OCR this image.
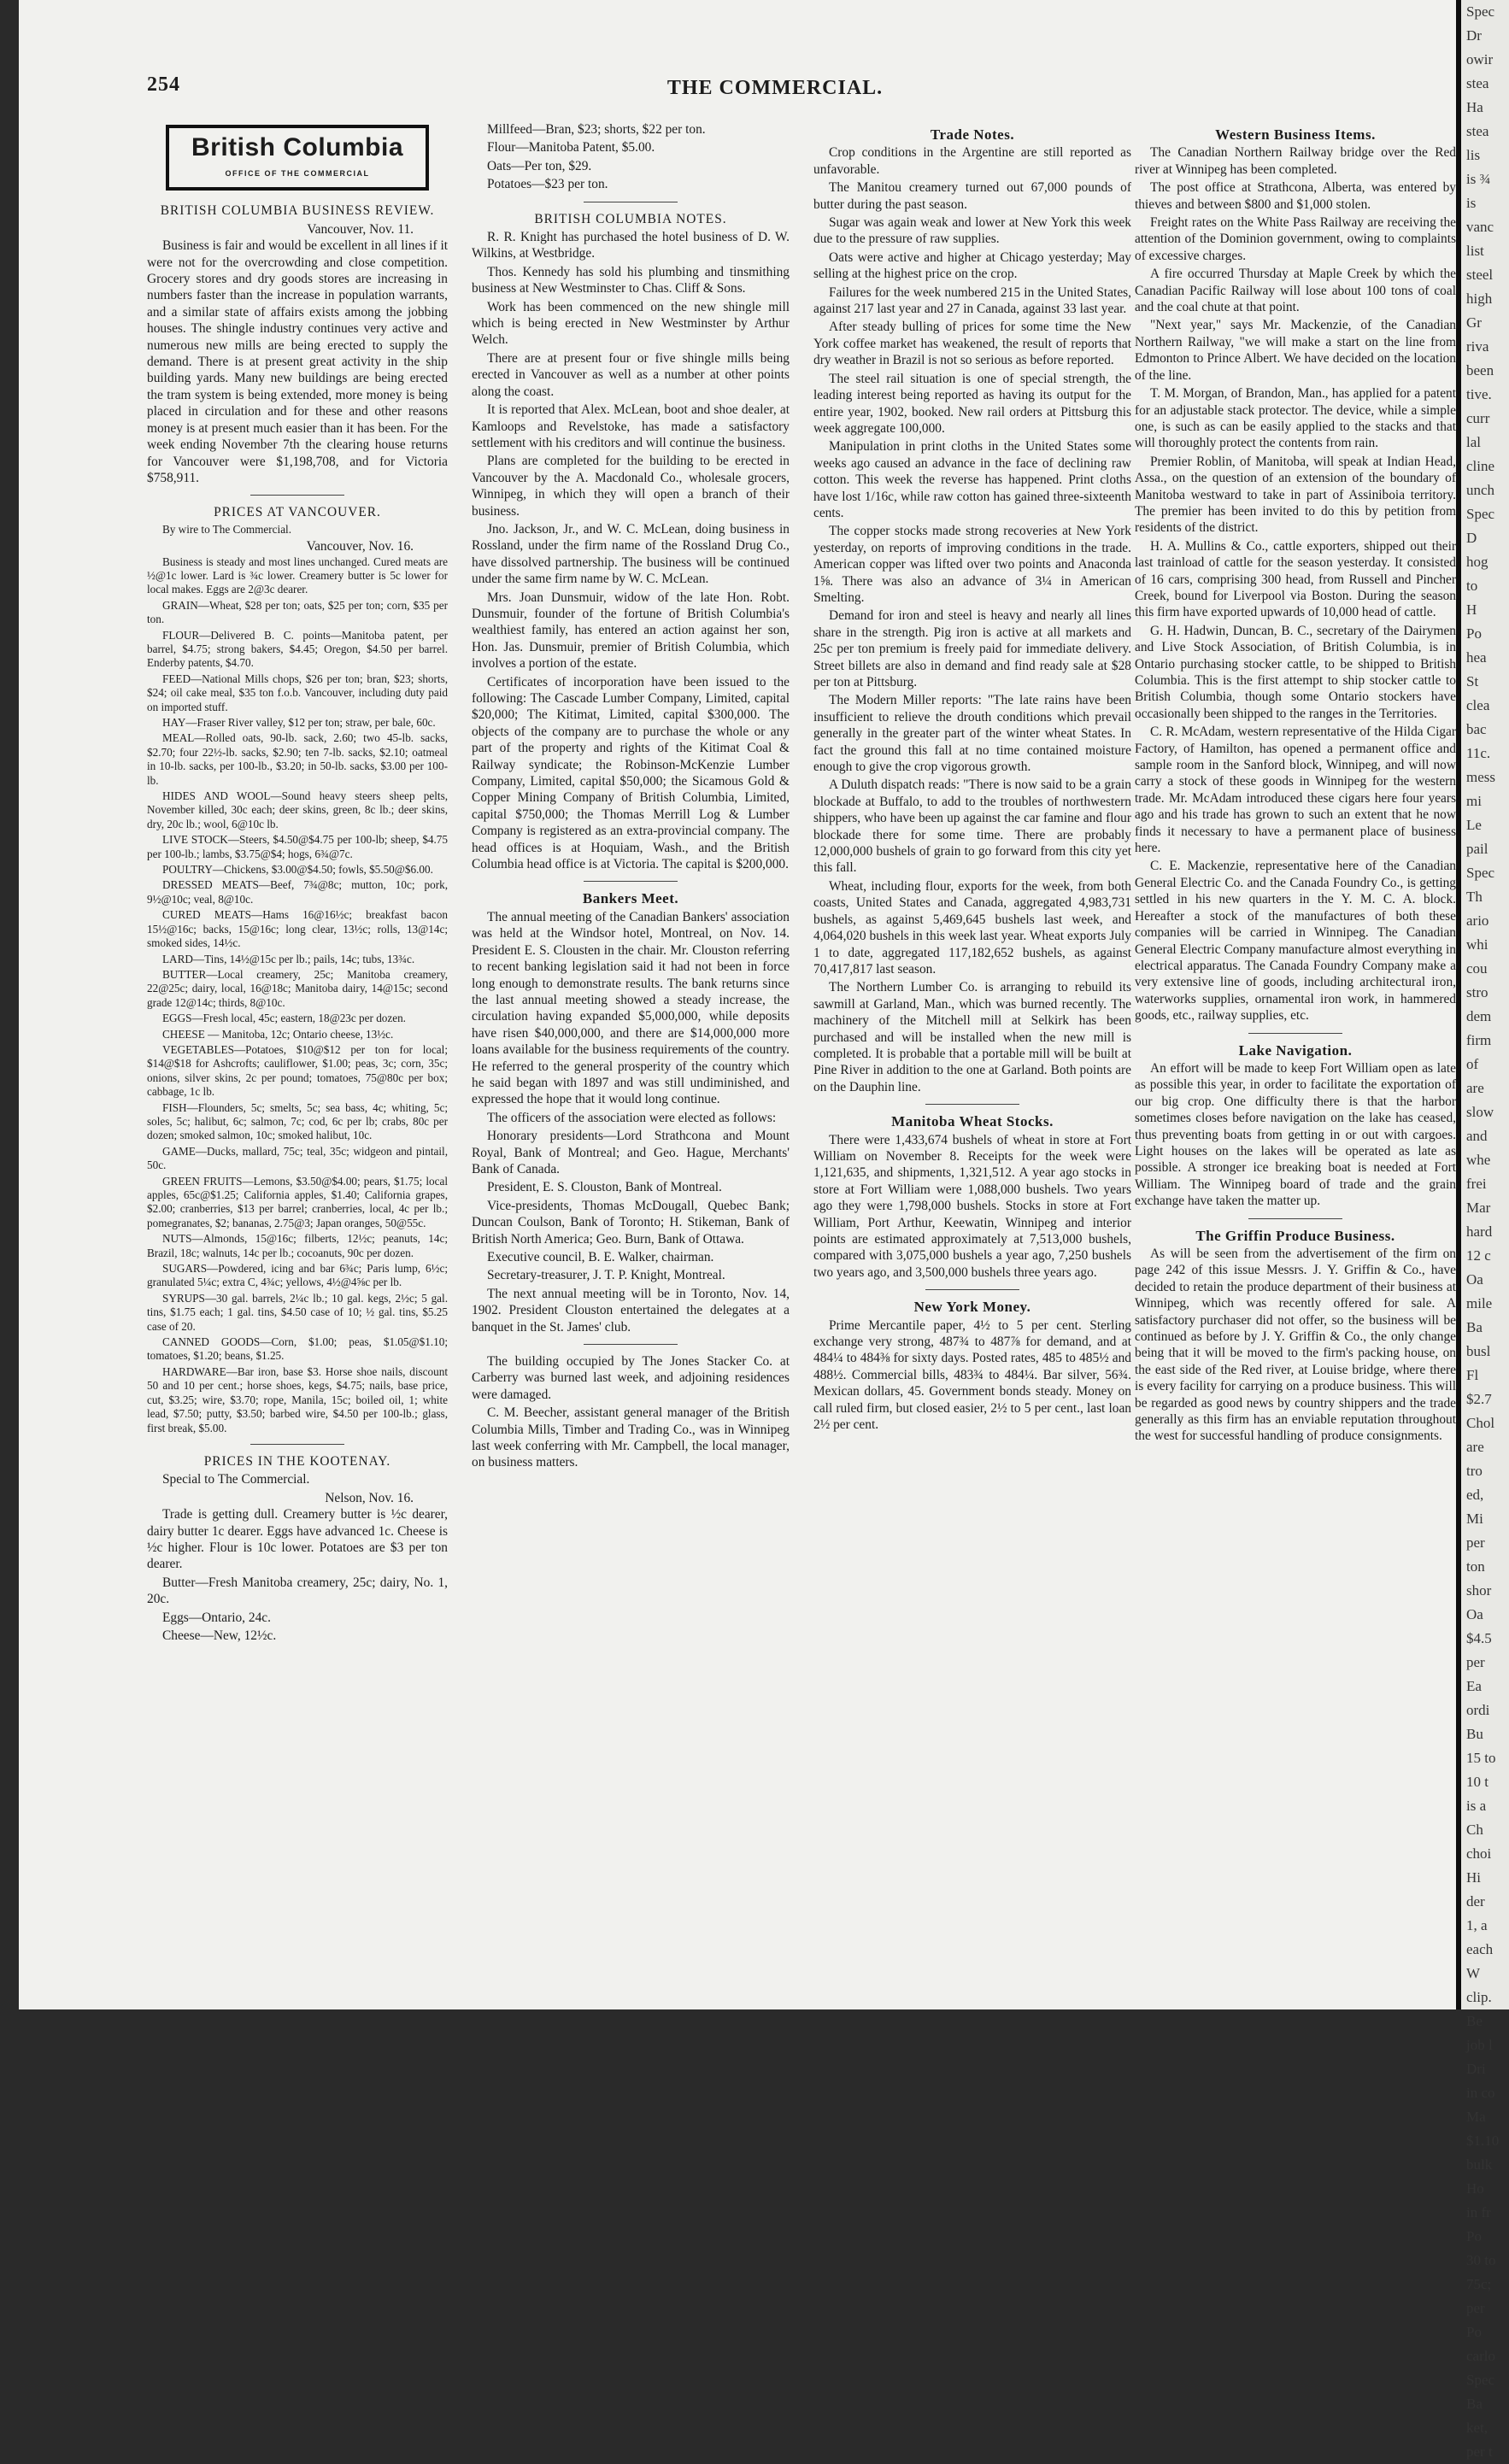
254	THE COMMERCIAL.
British Columbia
OFFICE OF THE COMMERCIAL
BRITISH COLUMBIA BUSINESS REVIEW.
Vancouver, Nov. 11.

Business is fair and would be excellent in all lines if it were not for the overcrowding and close competition. Grocery stores and dry goods stores are increasing in numbers faster than the increase in population warrants, and a similar state of affairs exists among the jobbing houses. The shingle industry continues very active and numerous new mills are being erected to supply the demand. There is at present great activity in the ship building yards. Many new buildings are being erected the tram system is being extended, more money is being placed in circulation and for these and other reasons money is at present much easier than it has been. For the week ending November 7th the clearing house returns for Vancouver were $1,198,708, and for Victoria $758,911.

PRICES AT VANCOUVER.

By wire to The Commercial.

Vancouver, Nov. 16.

Business is steady and most lines unchanged. Cured meats are ½@1c lower. Lard is ¾c lower. Creamery butter is 5c lower for local makes. Eggs are 2@3c dearer.

GRAIN—Wheat, $28 per ton; oats, $25 per ton; corn, $35 per ton.

FLOUR—Delivered B. C. points—Manitoba patent, per barrel, $4.75; strong bakers, $4.45; Oregon, $4.50 per barrel. Enderby patents, $4.70.

FEED—National Mills chops, $26 per ton; bran, $23; shorts, $24; oil cake meal, $35 ton f.o.b. Vancouver, including duty paid on imported stuff.

HAY—Fraser River valley, $12 per ton; straw, per bale, 60c.

MEAL—Rolled oats, 90-lb. sack, 2.60; two 45-lb. sacks, $2.70; four 22½-lb. sacks, $2.90; ten 7-lb. sacks, $2.10; oatmeal in 10-lb. sacks, per 100-lb., $3.20; in 50-lb. sacks, $3.00 per 100-lb.

HIDES AND WOOL—Sound heavy steers sheep pelts, November killed, 30c each; deer skins, green, 8c lb.; deer skins, dry, 20c lb.; wool, 6@10c lb.

LIVE STOCK—Steers, $4.50@$4.75 per 100-lb; sheep, $4.75 per 100-lb.; lambs, $3.75@$4; hogs, 6¾@7c.

POULTRY—Chickens, $3.00@$4.50; fowls, $5.50@$6.00.

DRESSED MEATS—Beef, 7¾@8c; mutton, 10c; pork, 9½@10c; veal, 8@10c.

CURED MEATS—Hams 16@16½c; breakfast bacon 15½@16c; backs, 15@16c; long clear, 13½c; rolls, 13@14c; smoked sides, 14½c.

LARD—Tins, 14½@15c per lb.; pails, 14c; tubs, 13¾c.

BUTTER—Local creamery, 25c; Manitoba creamery, 22@25c; dairy, local, 16@18c; Manitoba dairy, 14@15c; second grade 12@14c; thirds, 8@10c.

EGGS—Fresh local, 45c; eastern, 18@23c per dozen.

CHEESE — Manitoba, 12c; Ontario cheese, 13½c.

VEGETABLES—Potatoes, $10@$12 per ton for local; $14@$18 for Ashcrofts; cauliflower, $1.00; peas, 3c; corn, 35c; onions, silver skins, 2c per pound; tomatoes, 75@80c per box; cabbage, 1c lb.

FISH—Flounders, 5c; smelts, 5c; sea bass, 4c; whiting, 5c; soles, 5c; halibut, 6c; salmon, 7c; cod, 6c per lb; crabs, 80c per dozen; smoked salmon, 10c; smoked halibut, 10c.

GAME—Ducks, mallard, 75c; teal, 35c; widgeon and pintail, 50c.

GREEN FRUITS—Lemons, $3.50@$4.00; pears, $1.75; local apples, 65c@$1.25; California apples, $1.40; California grapes, $2.00; cranberries, $13 per barrel; cranberries, local, 4c per lb.; pomegranates, $2; bananas, 2.75@3; Japan oranges, 50@55c.

NUTS—Almonds, 15@16c; filberts, 12½c; peanuts, 14c; Brazil, 18c; walnuts, 14c per lb.; cocoanuts, 90c per dozen.

SUGARS—Powdered, icing and bar 6¾c; Paris lump, 6½c; granulated 5¼c; extra C, 4¾c; yellows, 4½@4⅝c per lb.

SYRUPS—30 gal. barrels, 2¼c lb.; 10 gal. kegs, 2½c; 5 gal. tins, $1.75 each; 1 gal. tins, $4.50 case of 10; ½ gal. tins, $5.25 case of 20.

CANNED GOODS—Corn, $1.00; peas, $1.05@$1.10; tomatoes, $1.20; beans, $1.25.

HARDWARE—Bar iron, base $3. Horse shoe nails, discount 50 and 10 per cent.; horse shoes, kegs, $4.75; nails, base price, cut, $3.25; wire, $3.70; rope, Manila, 15c; boiled oil, 1; white lead, $7.50; putty, $3.50; barbed wire, $4.50 per 100-lb.; glass, first break, $5.00.

PRICES IN THE KOOTENAY.

Special to The Commercial.

Nelson, Nov. 16.

Trade is getting dull. Creamery butter is ½c dearer, dairy butter 1c dearer. Eggs have advanced 1c. Cheese is ½c higher. Flour is 10c lower. Potatoes are $3 per ton dearer.

Butter—Fresh Manitoba creamery, 25c; dairy, No. 1, 20c.

Eggs—Ontario, 24c.

Cheese—New, 12½c.

Millfeed—Bran, $23; shorts, $22 per ton.

Flour—Manitoba Patent, $5.00.

Oats—Per ton, $29.

Potatoes—$23 per ton.

BRITISH COLUMBIA NOTES.

R. R. Knight has purchased the hotel business of D. W. Wilkins, at Westbridge.

Thos. Kennedy has sold his plumbing and tinsmithing business at New Westminster to Chas. Cliff & Sons.

Work has been commenced on the new shingle mill which is being erected in New Westminster by Arthur Welch.

There are at present four or five shingle mills being erected in Vancouver as well as a number at other points along the coast.

It is reported that Alex. McLean, boot and shoe dealer, at Kamloops and Revelstoke, has made a satisfactory settlement with his creditors and will continue the business.

Plans are completed for the building to be erected in Vancouver by the A. Macdonald Co., wholesale grocers, Winnipeg, in which they will open a branch of their business.

Jno. Jackson, Jr., and W. C. McLean, doing business in Rossland, under the firm name of the Rossland Drug Co., have dissolved partnership. The business will be continued under the same firm name by W. C. McLean.

Mrs. Joan Dunsmuir, widow of the late Hon. Robt. Dunsmuir, founder of the fortune of British Columbia's wealthiest family, has entered an action against her son, Hon. Jas. Dunsmuir, premier of British Columbia, which involves a portion of the estate.

Certificates of incorporation have been issued to the following: The Cascade Lumber Company, Limited, capital $20,000; The Kitimat, Limited, capital $300,000. The objects of the company are to purchase the whole or any part of the property and rights of the Kitimat Coal & Railway syndicate; the Robinson-McKenzie Lumber Company, Limited, capital $50,000; the Sicamous Gold & Copper Mining Company of British Columbia, Limited, capital $750,000; the Thomas Merrill Log & Lumber Company is registered as an extra-provincial company. The head offices is at Hoquiam, Wash., and the British Columbia head office is at Victoria. The capital is $200,000.

Bankers Meet.

The annual meeting of the Canadian Bankers' association was held at the Windsor hotel, Montreal, on Nov. 14. President E. S. Clousten in the chair. Mr. Clouston referring to recent banking legislation said it had not been in force long enough to demonstrate results. The bank returns since the last annual meeting showed a steady increase, the circulation having expanded $5,000,000, while deposits have risen $40,000,000, and there are $14,000,000 more loans available for the business requirements of the country. He referred to the general prosperity of the country which he said began with 1897 and was still undiminished, and expressed the hope that it would long continue.

The officers of the association were elected as follows:

Honorary presidents—Lord Strathcona and Mount Royal, Bank of Montreal; and Geo. Hague, Merchants' Bank of Canada.

President, E. S. Clouston, Bank of Montreal.

Vice-presidents, Thomas McDougall, Quebec Bank; Duncan Coulson, Bank of Toronto; H. Stikeman, Bank of British North America; Geo. Burn, Bank of Ottawa.

Executive council, B. E. Walker, chairman.

Secretary-treasurer, J. T. P. Knight, Montreal.

The next annual meeting will be in Toronto, Nov. 14, 1902. President Clouston entertained the delegates at a banquet in the St. James' club.

The building occupied by The Jones Stacker Co. at Carberry was burned last week, and adjoining residences were damaged.

C. M. Beecher, assistant general manager of the British Columbia Mills, Timber and Trading Co., was in Winnipeg last week conferring with Mr. Campbell, the local manager, on business matters.

Trade Notes.

Crop conditions in the Argentine are still reported as unfavorable.

The Manitou creamery turned out 67,000 pounds of butter during the past season.

Sugar was again weak and lower at New York this week due to the pressure of raw supplies.

Oats were active and higher at Chicago yesterday; May selling at the highest price on the crop.

Failures for the week numbered 215 in the United States, against 217 last year and 27 in Canada, against 33 last year.

After steady bulling of prices for some time the New York coffee market has weakened, the result of reports that dry weather in Brazil is not so serious as before reported.

The steel rail situation is one of special strength, the leading interest being reported as having its output for the entire year, 1902, booked. New rail orders at Pittsburg this week aggregate 100,000.

Manipulation in print cloths in the United States some weeks ago caused an advance in the face of declining raw cotton. This week the reverse has happened. Print cloths have lost 1/16c, while raw cotton has gained three-sixteenth cents.

The copper stocks made strong recoveries at New York yesterday, on reports of improving conditions in the trade. American copper was lifted over two points and Anaconda 1⅝. There was also an advance of 3¼ in American Smelting.

Demand for iron and steel is heavy and nearly all lines share in the strength. Pig iron is active at all markets and 25c per ton premium is freely paid for immediate delivery. Street billets are also in demand and find ready sale at $28 per ton at Pittsburg.

The Modern Miller reports: "The late rains have been insufficient to relieve the drouth conditions which prevail generally in the greater part of the winter wheat States. In fact the ground this fall at no time contained moisture enough to give the crop vigorous growth.

A Duluth dispatch reads: "There is now said to be a grain blockade at Buffalo, to add to the troubles of northwestern shippers, who have been up against the car famine and flour blockade there for some time. There are probably 12,000,000 bushels of grain to go forward from this city yet this fall.

Wheat, including flour, exports for the week, from both coasts, United States and Canada, aggregated 4,983,731 bushels, as against 5,469,645 bushels last week, and 4,064,020 bushels in this week last year. Wheat exports July 1 to date, aggregated 117,182,652 bushels, as against 70,417,817 last season.

The Northern Lumber Co. is arranging to rebuild its sawmill at Garland, Man., which was burned recently. The machinery of the Mitchell mill at Selkirk has been purchased and will be installed when the new mill is completed. It is probable that a portable mill will be built at Pine River in addition to the one at Garland. Both points are on the Dauphin line.

Manitoba Wheat Stocks.

There were 1,433,674 bushels of wheat in store at Fort William on November 8. Receipts for the week were 1,121,635, and shipments, 1,321,512. A year ago stocks in store at Fort William were 1,088,000 bushels. Two years ago they were 1,798,000 bushels. Stocks in store at Fort William, Port Arthur, Keewatin, Winnipeg and interior points are estimated approximately at 7,513,000 bushels, compared with 3,075,000 bushels a year ago, 7,250 bushels two years ago, and 3,500,000 bushels three years ago.

New York Money.

Prime Mercantile paper, 4½ to 5 per cent. Sterling exchange very strong, 487¾ to 487⅞ for demand, and at 484¼ to 484⅜ for sixty days. Posted rates, 485 to 485½ and 488½. Commercial bills, 483¾ to 484¼. Bar silver, 56¾. Mexican dollars, 45. Government bonds steady. Money on call ruled firm, but closed easier, 2½ to 5 per cent., last loan 2½ per cent.

Western Business Items.

The Canadian Northern Railway bridge over the Red river at Winnipeg has been completed.

The post office at Strathcona, Alberta, was entered by thieves and between $800 and $1,000 stolen.

Freight rates on the White Pass Railway are receiving the attention of the Dominion government, owing to complaints of excessive charges.

A fire occurred Thursday at Maple Creek by which the Canadian Pacific Railway will lose about 100 tons of coal and the coal chute at that point.

"Next year," says Mr. Mackenzie, of the Canadian Northern Railway, "we will make a start on the line from Edmonton to Prince Albert. We have decided on the location of the line.

T. M. Morgan, of Brandon, Man., has applied for a patent for an adjustable stack protector. The device, while a simple one, is such as can be easily applied to the stacks and that will thoroughly protect the contents from rain.

Premier Roblin, of Manitoba, will speak at Indian Head, Assa., on the question of an extension of the boundary of Manitoba westward to take in part of Assiniboia territory. The premier has been invited to do this by petition from residents of the district.

H. A. Mullins & Co., cattle exporters, shipped out their last trainload of cattle for the season yesterday. It consisted of 16 cars, comprising 300 head, from Russell and Pincher Creek, bound for Liverpool via Boston. During the season this firm have exported upwards of 10,000 head of cattle.

G. H. Hadwin, Duncan, B. C., secretary of the Dairymen and Live Stock Association, of British Columbia, is in Ontario purchasing stocker cattle, to be shipped to British Columbia. This is the first attempt to ship stocker cattle to British Columbia, though some Ontario stockers have occasionally been shipped to the ranges in the Territories.

C. R. McAdam, western representative of the Hilda Cigar Factory, of Hamilton, has opened a permanent office and sample room in the Sanford block, Winnipeg, and will now carry a stock of these goods in Winnipeg for the western trade. Mr. McAdam introduced these cigars here four years ago and his trade has grown to such an extent that he now finds it necessary to have a permanent place of business here.

C. E. Mackenzie, representative here of the Canadian General Electric Co. and the Canada Foundry Co., is getting settled in his new quarters in the Y. M. C. A. block. Hereafter a stock of the manufactures of both these companies will be carried in Winnipeg. The Canadian General Electric Company manufacture almost everything in electrical apparatus. The Canada Foundry Company make a very extensive line of goods, including architectural iron, waterworks supplies, ornamental iron work, in hammered goods, etc., railway supplies, etc.

Lake Navigation.

An effort will be made to keep Fort William open as late as possible this year, in order to facilitate the exportation of our big crop. One difficulty there is that the harbor sometimes closes before navigation on the lake has ceased, thus preventing boats from getting in or out with cargoes. Light houses on the lakes will be operated as late as possible. A stronger ice breaking boat is needed at Fort William. The Winnipeg board of trade and the grain exchange have taken the matter up.

The Griffin Produce Business.

As will be seen from the advertisement of the firm on page 242 of this issue Messrs. J. Y. Griffin & Co., have decided to retain the produce department of their business at Winnipeg, which was recently offered for sale. A satisfactory purchaser did not offer, so the business will be continued as before by J. Y. Griffin & Co., the only change being that it will be moved to the firm's packing house, on the east side of the Red river, at Louise bridge, where there is every facility for carrying on a produce business. This will be regarded as good news by country shippers and the trade generally as this firm has an enviable reputation throughout the west for successful handling of produce consignments.

Spec
Dr
owir
stea
Ha
stea
lis
is ¾
is
vanc
list
steel
high
Gr
riva
been
tive.
curr
lal
cline
unch
Spec
D
hog
to
H
Po
hea
St
clea
bac
11c.
mess
mi
Le
pail
Spec
Th
ario
whi
cou
stro
dem
firm
of
are
slow
and
whe
frei
Mar
hard
12 c
Oa
mile
Ba
busl
Fl
$2.7
Chol
are
tro
ed,
Mi
per
ton
shor
Oa
$4.5
per
Ea
ordi
Bu
15 to
10 t
is a
Ch
choi
Hi
der
1, a
each
W
clip.
Be
job l
Dri
in co
Ma
$1.10
bulk
Ho
in fr
Po
30 to
75c;
per
Po
carlo
Spec
Ba
ket,
per t
